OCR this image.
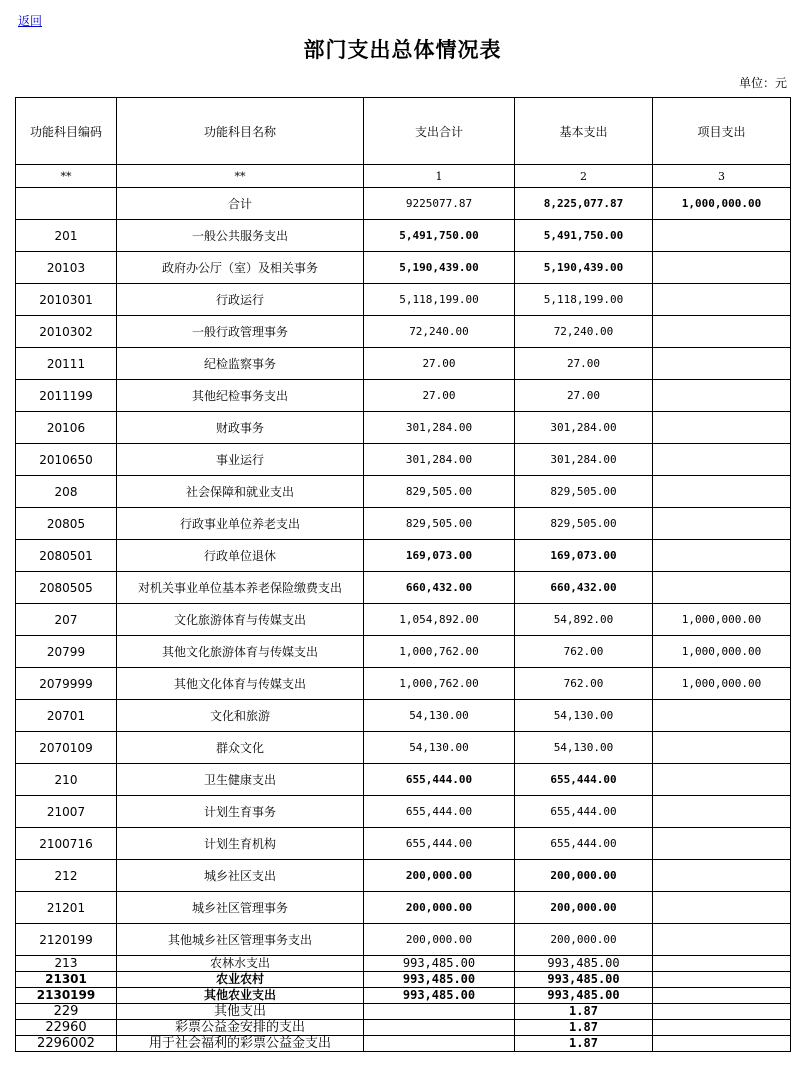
返回
部门支出总体情况表
单位：元
功能科目编码	功能科目名称	支出合计	基本支出	项目支出
**	**	1	2	3
	合计	9225077.87	8,225,077.87	1,000,000.00
201	一般公共服务支出	5,491,750.00	5,491,750.00	
20103	政府办公厅（室）及相关事务	5,190,439.00	5,190,439.00	
2010301	行政运行	5,118,199.00	5,118,199.00	
2010302	一般行政管理事务	72,240.00	72,240.00	
20111	纪检监察事务	27.00	27.00	
2011199	其他纪检事务支出	27.00	27.00	
20106	财政事务	301,284.00	301,284.00	
2010650	事业运行	301,284.00	301,284.00	
208	社会保障和就业支出	829,505.00	829,505.00	
20805	行政事业单位养老支出	829,505.00	829,505.00	
2080501	行政单位退休	169,073.00	169,073.00	
2080505	对机关事业单位基本养老保险缴费支出	660,432.00	660,432.00	
207	文化旅游体育与传媒支出	1,054,892.00	54,892.00	1,000,000.00
20799	其他文化旅游体育与传媒支出	1,000,762.00	762.00	1,000,000.00
2079999	其他文化体育与传媒支出	1,000,762.00	762.00	1,000,000.00
20701	文化和旅游	54,130.00	54,130.00	
2070109	群众文化	54,130.00	54,130.00	
210	卫生健康支出	655,444.00	655,444.00	
21007	计划生育事务	655,444.00	655,444.00	
2100716	计划生育机构	655,444.00	655,444.00	
212	城乡社区支出	200,000.00	200,000.00	
21201	城乡社区管理事务	200,000.00	200,000.00	
2120199	其他城乡社区管理事务支出	200,000.00	200,000.00	
213	农林水支出	993,485.00	993,485.00	
21301	农业农村	993,485.00	993,485.00	
2130199	其他农业支出	993,485.00	993,485.00	
229	其他支出		1.87	
22960	彩票公益金安排的支出		1.87	
2296002	用于社会福利的彩票公益金支出		1.87	
